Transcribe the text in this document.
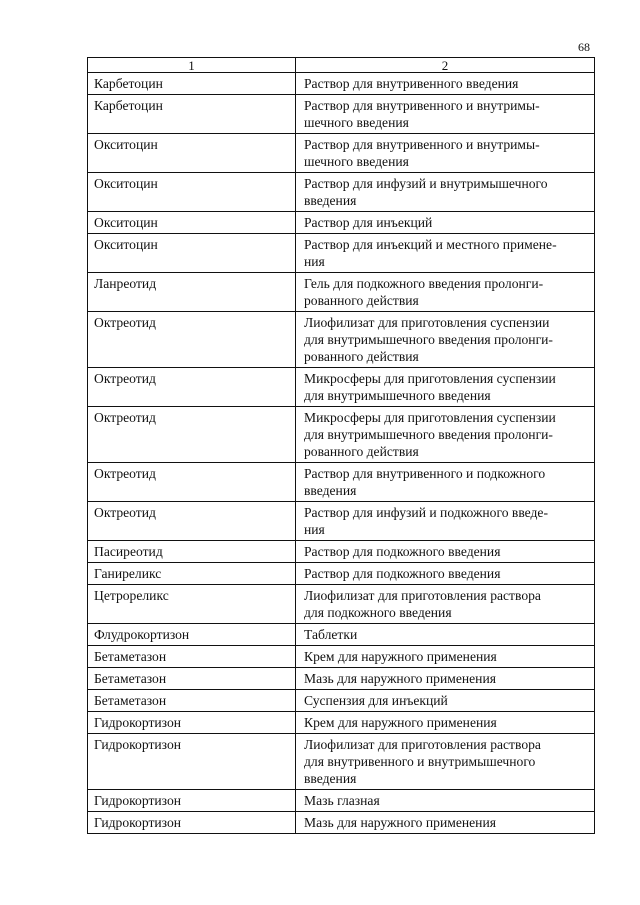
68
1	2
Карбетоцин	Раствор для внутривенного введения

Карбетоцин	Раствор для внутривенного и внутримы-
шечного введения

Окситоцин	Раствор для внутривенного и внутримы-
шечного введения

Окситоцин	Раствор для инфузий и внутримышечного
введения

Окситоцин	Раствор для инъекций

Окситоцин	Раствор для инъекций и местного примене-
ния

Ланреотид	Гель для подкожного введения пролонги-
рованного действия

Октреотид	Лиофилизат для приготовления суспензии
для внутримышечного введения пролонги-
рованного действия

Октреотид	Микросферы для приготовления суспензии
для внутримышечного введения

Октреотид	Микросферы для приготовления суспензии
для внутримышечного введения пролонги-
рованного действия

Октреотид	Раствор для внутривенного и подкожного
введения

Октреотид	Раствор для инфузий и подкожного введе-
ния

Пасиреотид	Раствор для подкожного введения

Ганиреликс	Раствор для подкожного введения

Цетрореликс	Лиофилизат для приготовления раствора
для подкожного введения

Флудрокортизон	Таблетки

Бетаметазон	Крем для наружного применения

Бетаметазон	Мазь для наружного применения

Бетаметазон	Суспензия для инъекций

Гидрокортизон	Крем для наружного применения

Гидрокортизон	Лиофилизат для приготовления раствора
для внутривенного и внутримышечного
введения

Гидрокортизон	Мазь глазная

Гидрокортизон	Мазь для наружного применения
